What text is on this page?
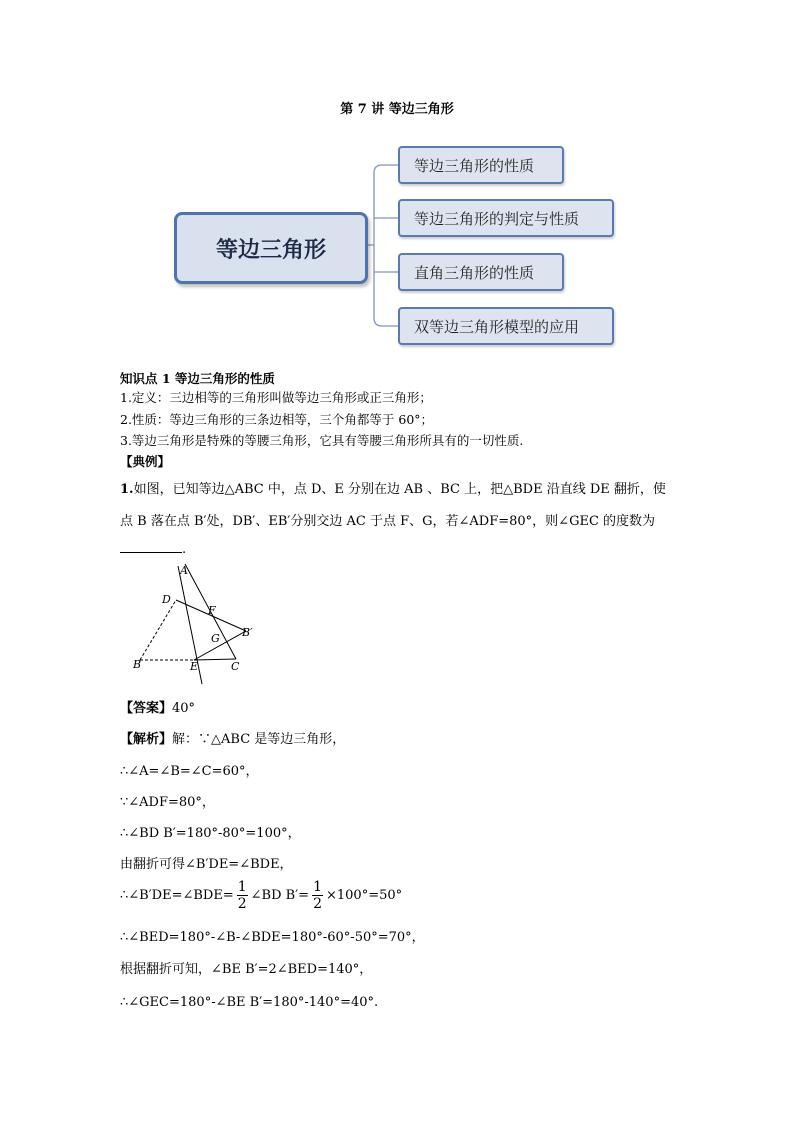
第 7 讲 等边三角形
等边三角形
等边三角形的性质
等边三角形的判定与性质
直角三角形的性质
双等边三角形模型的应用
知识点 1 等边三角形的性质
1.定义：三边相等的三角形叫做等边三角形或正三角形；
2.性质：等边三角形的三条边相等，三个角都等于 60°；
3.等边三角形是特殊的等腰三角形，它具有等腰三角形所具有的一切性质.
【典例】
1.如图，已知等边△ABC 中，点 D、E 分别在边 AB 、BC 上，把△BDE 沿直线 DE 翻折，使
点 B 落在点 B′处，DB′、EB′分别交边 AC 于点 F、G，若∠ADF=80°，则∠GEC 的度数为
.
A
D
F
B′
G
B	E	C
【答案】40°
【解析】解：∵△ABC 是等边三角形，
∴∠A=∠B=∠C=60°，
∵∠ADF=80°，
∴∠BD B′=180°-80°=100°，
由翻折可得∠B′DE=∠BDE，
∴∠B′DE=∠BDE= $\frac{1}{2}$ ∠BD $B'= \frac{1}{2} \times 100^\circ=50^\circ$
∴∠BED=180°-∠B-∠BDE=180°-60°-50°=70°，
根据翻折可知，∠BE B′=2∠BED=140°，
∴∠GEC=180°-∠BE B′=180°-140°=40°.
